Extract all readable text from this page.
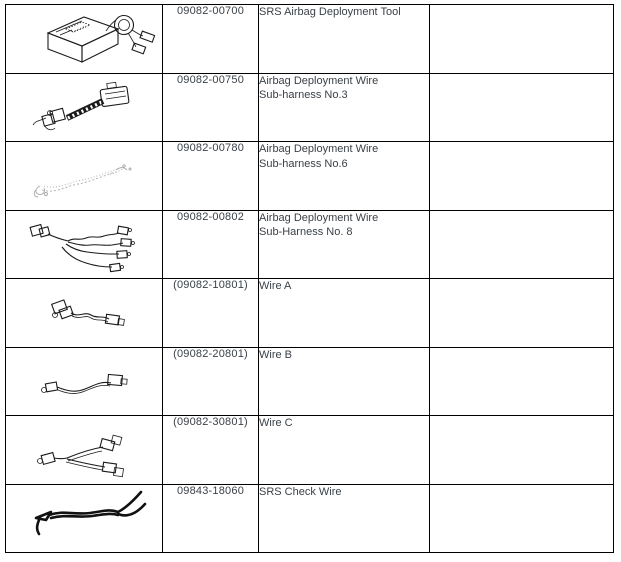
	09082-00700	SRS Airbag Deployment Tool	

	09082-00750	Airbag Deployment Wire
Sub-harness No.3	

	09082-00780	Airbag Deployment Wire
Sub-harness No.6	

	09082-00802	Airbag Deployment Wire
Sub-Harness No. 8	

	(09082-10801)	Wire A	

	(09082-20801)	Wire B	

	(09082-30801)	Wire C	

	09843-18060	SRS Check Wire	
